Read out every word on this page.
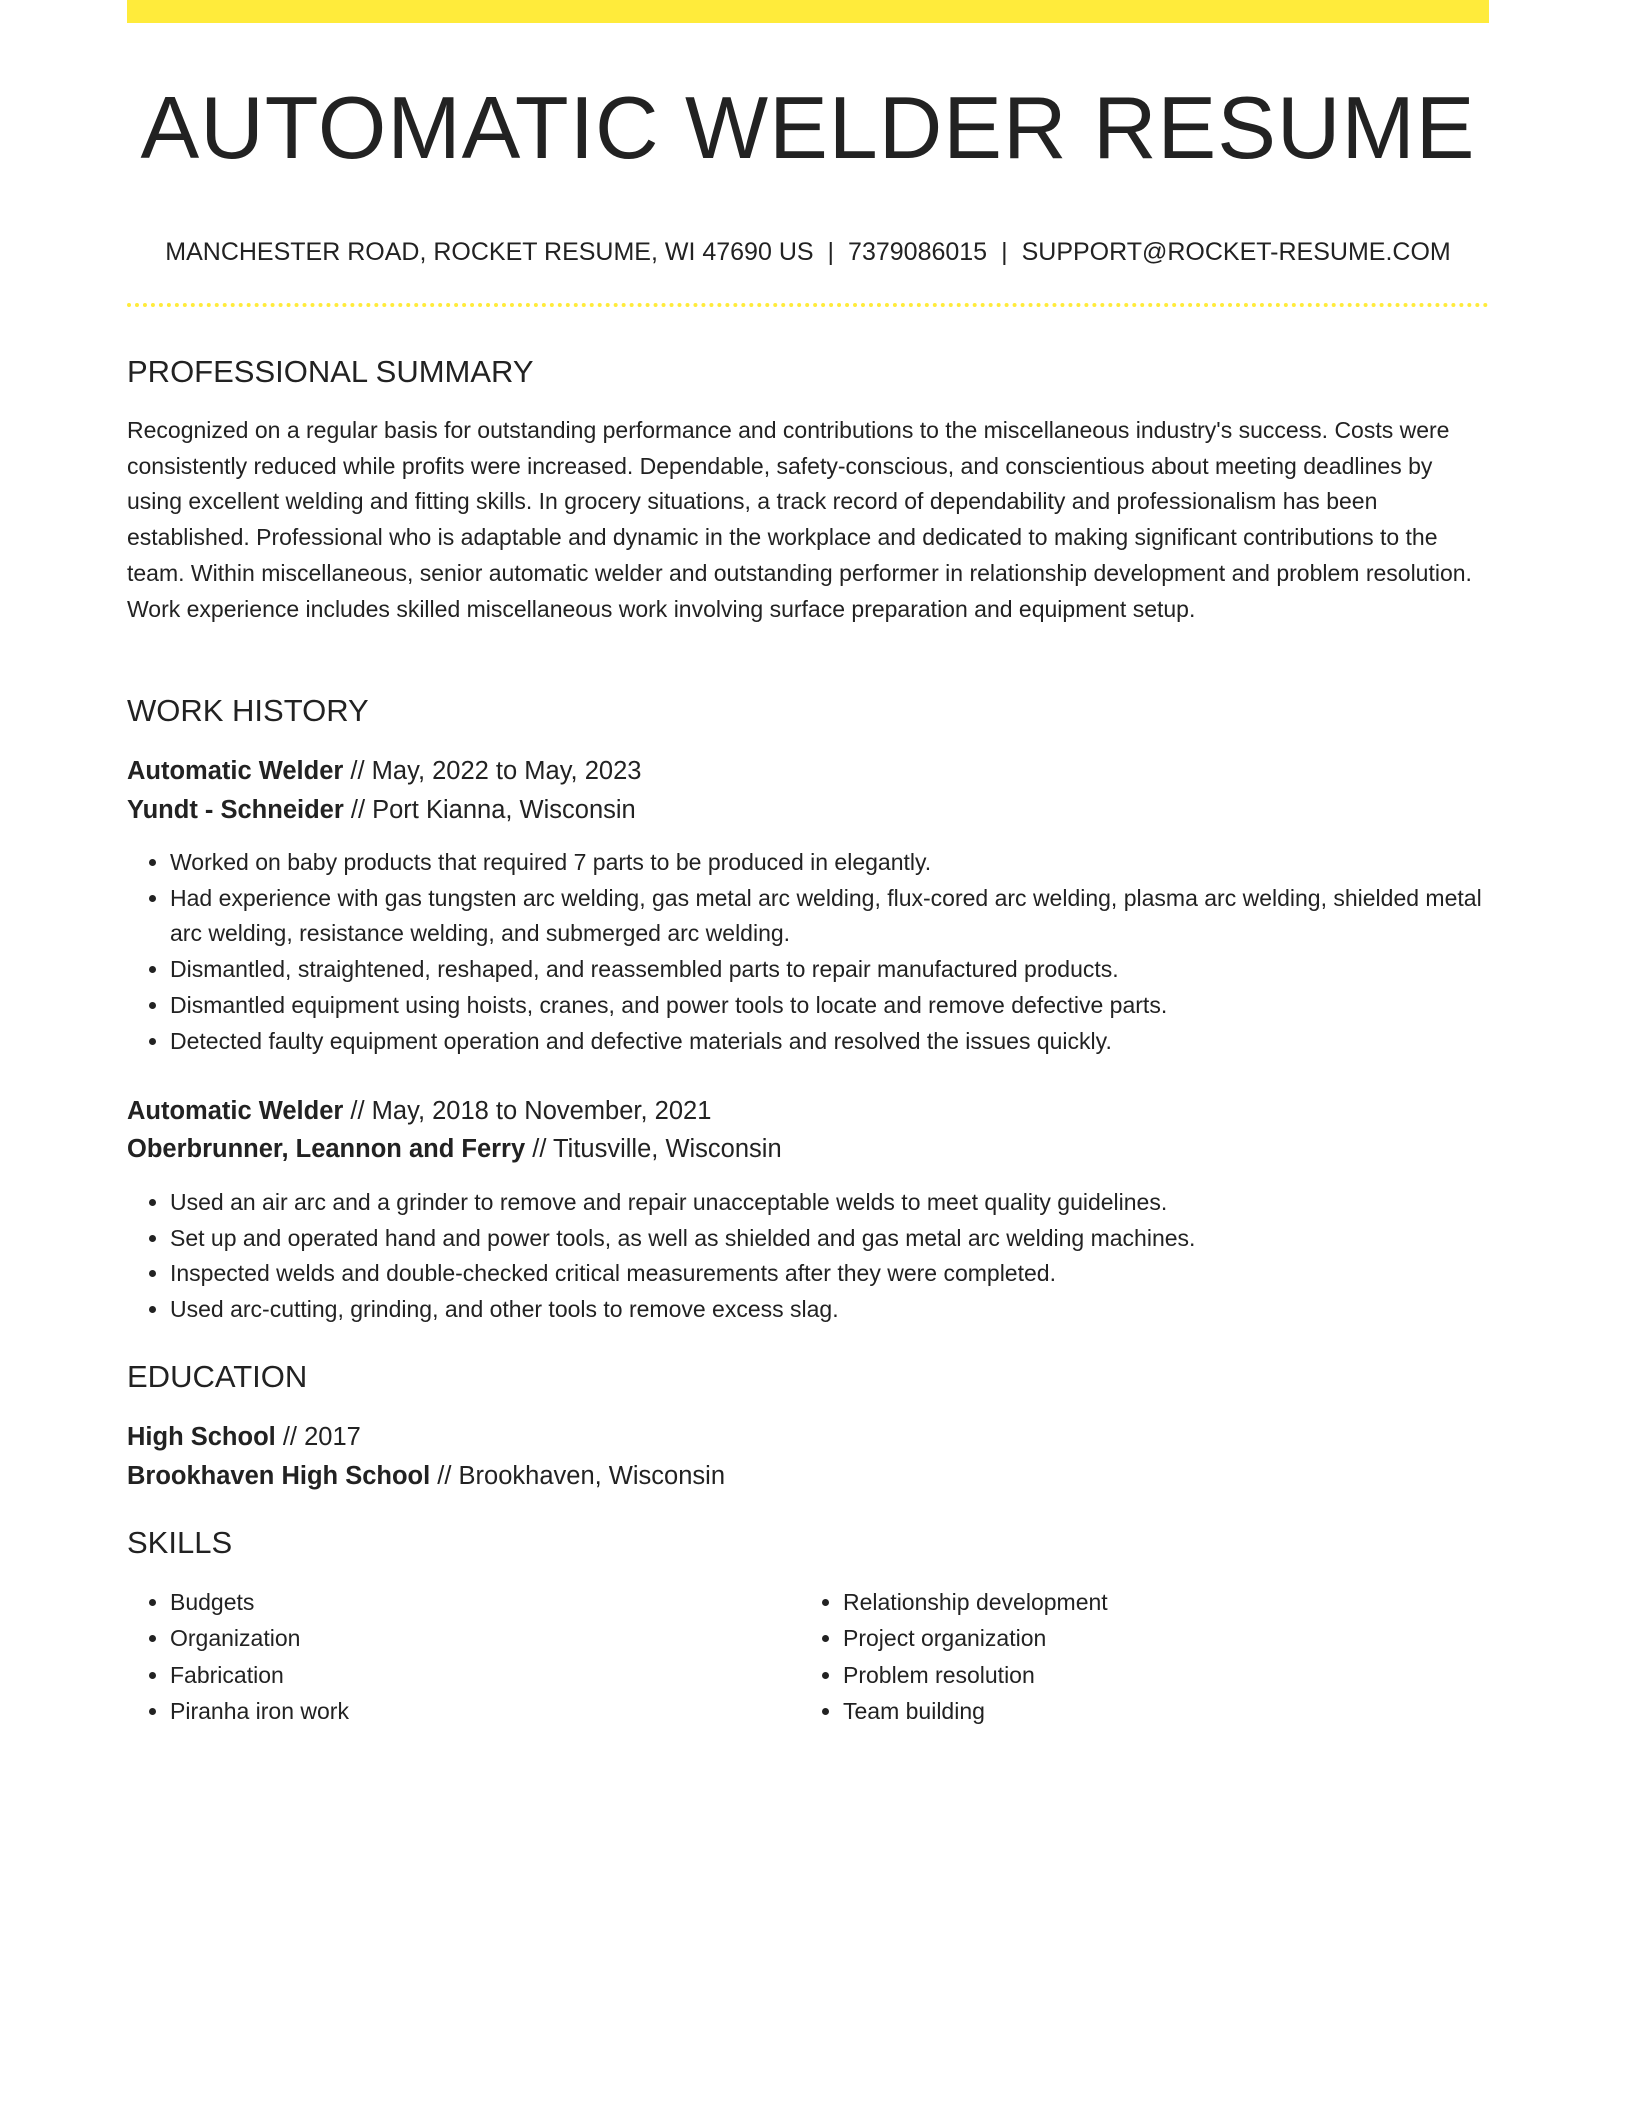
AUTOMATIC WELDER RESUME
MANCHESTER ROAD, ROCKET RESUME, WI 47690 US | 7379086015 | SUPPORT@ROCKET-RESUME.COM
PROFESSIONAL SUMMARY
Recognized on a regular basis for outstanding performance and contributions to the miscellaneous industry's success. Costs were consistently reduced while profits were increased. Dependable, safety-conscious, and conscientious about meeting deadlines by using excellent welding and fitting skills. In grocery situations, a track record of dependability and professionalism has been established. Professional who is adaptable and dynamic in the workplace and dedicated to making significant contributions to the team. Within miscellaneous, senior automatic welder and outstanding performer in relationship development and problem resolution. Work experience includes skilled miscellaneous work involving surface preparation and equipment setup.
WORK HISTORY
Automatic Welder // May, 2022 to May, 2023
Yundt - Schneider // Port Kianna, Wisconsin
• Worked on baby products that required 7 parts to be produced in elegantly.
• Had experience with gas tungsten arc welding, gas metal arc welding, flux-cored arc welding, plasma arc welding, shielded metal arc welding, resistance welding, and submerged arc welding.
• Dismantled, straightened, reshaped, and reassembled parts to repair manufactured products.
• Dismantled equipment using hoists, cranes, and power tools to locate and remove defective parts.
• Detected faulty equipment operation and defective materials and resolved the issues quickly.
Automatic Welder // May, 2018 to November, 2021
Oberbrunner, Leannon and Ferry // Titusville, Wisconsin
• Used an air arc and a grinder to remove and repair unacceptable welds to meet quality guidelines.
• Set up and operated hand and power tools, as well as shielded and gas metal arc welding machines.
• Inspected welds and double-checked critical measurements after they were completed.
• Used arc-cutting, grinding, and other tools to remove excess slag.
EDUCATION
High School // 2017
Brookhaven High School // Brookhaven, Wisconsin
SKILLS
• Budgets
• Organization
• Fabrication
• Piranha iron work
• Relationship development
• Project organization
• Problem resolution
• Team building
